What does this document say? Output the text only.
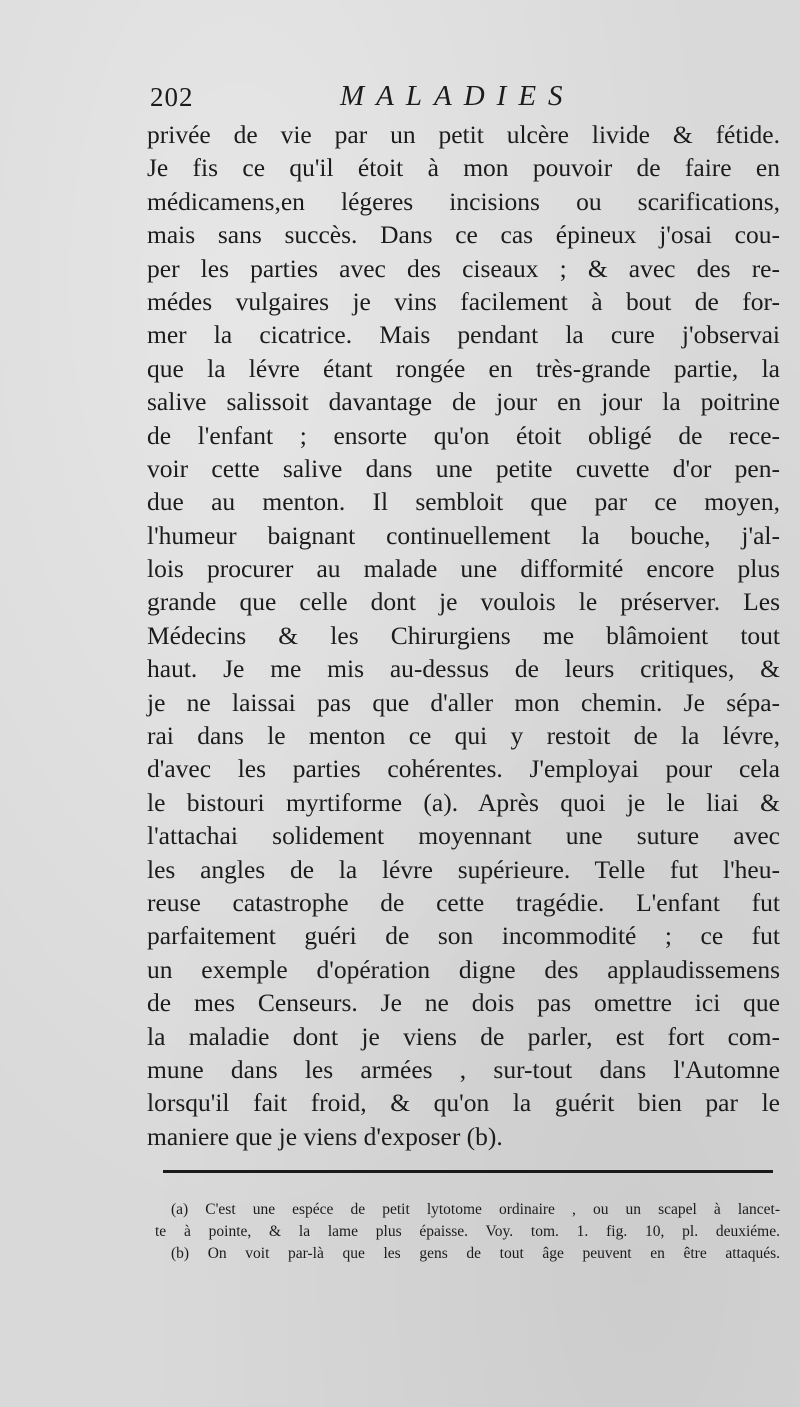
202	MALADIES
privée de vie par un petit ulcère livide & fétide.
Je fis ce qu'il étoit à mon pouvoir de faire en
médicamens,en légeres incisions ou scarifications,
mais sans succès. Dans ce cas épineux j'osai cou-
per les parties avec des ciseaux ; & avec des re-
médes vulgaires je vins facilement à bout de for-
mer la cicatrice. Mais pendant la cure j'observai
que la lévre étant rongée en très-grande partie, la
salive salissoit davantage de jour en jour la poitrine
de l'enfant ; ensorte qu'on étoit obligé de rece-
voir cette salive dans une petite cuvette d'or pen-
due au menton. Il sembloit que par ce moyen,
l'humeur baignant continuellement la bouche, j'al-
lois procurer au malade une difformité encore plus
grande que celle dont je voulois le préserver. Les
Médecins & les Chirurgiens me blâmoient tout
haut. Je me mis au-dessus de leurs critiques, &
je ne laissai pas que d'aller mon chemin. Je sépa-
rai dans le menton ce qui y restoit de la lévre,
d'avec les parties cohérentes. J'employai pour cela
le bistouri myrtiforme (a). Après quoi je le liai &
l'attachai solidement moyennant une suture avec
les angles de la lévre supérieure. Telle fut l'heu-
reuse catastrophe de cette tragédie. L'enfant fut
parfaitement guéri de son incommodité ; ce fut
un exemple d'opération digne des applaudissemens
de mes Censeurs. Je ne dois pas omettre ici que
la maladie dont je viens de parler, est fort com-
mune dans les armées , sur-tout dans l'Automne
lorsqu'il fait froid, & qu'on la guérit bien par le
maniere que je viens d'exposer (b).
(a) C'est une espéce de petit lytotome ordinaire , ou un scapel à lancet-
te à pointe, & la lame plus épaisse. Voy. tom. 1. fig. 10, pl. deuxiéme.
(b) On voit par-là que les gens de tout âge peuvent en être attaqués.
